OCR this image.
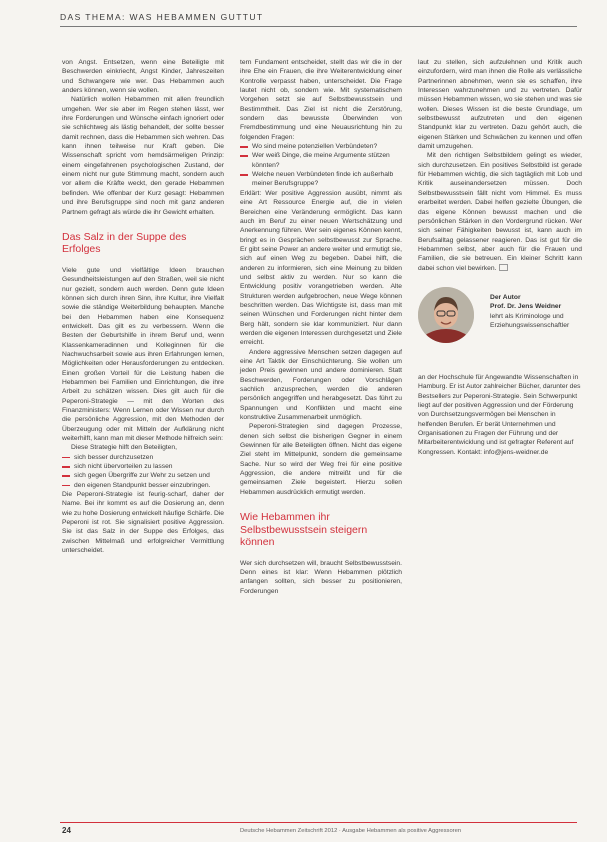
DAS THEMA: WAS HEBAMMEN GUTTUT

von Angst. Entsetzen, wenn eine Beteiligte mit Beschwerden einkriecht, Angst Kinder, Jahreszeiten und Schwangere wie wer. Das Hebammen auch anders können, wenn sie wollen.

Natürlich wollen Hebammen mit allen freundlich umgehen. Wer sie aber im Regen stehen lässt, wer ihre Forderungen und Wünsche einfach ignoriert oder sie schlichtweg als lästig behandelt, der sollte besser damit rechnen, dass die Hebammen sich wehren. Das kann ihnen teilweise nur Kraft geben. Die Wissenschaft spricht vom hemdsärmeligen Prinzip: einem eingefahrenen psychologischen Zustand, der einem nicht nur gute Stimmung macht, sondern auch vor allem die Kräfte weckt, den gerade Hebammen befinden. Wie offenbar der Kurz gesagt: Hebammen und ihre Berufsgruppe sind noch mit ganz anderen Partnern gefragt als würde die ihr Gewicht erhalten.

Das Salz in der Suppe des Erfolges

Viele gute und vielfältige Ideen brauchen Gesundheitsleistungen auf den Straßen, weil sie nicht nur gezielt, sondern auch werden. Denn gute Ideen können sich durch ihren Sinn, ihre Kultur, ihre Vielfalt sowie die ständige Weiterbildung behaupten. Manche bei den Hebammen haben eine Konsequenz entwickelt. Das gilt es zu verbessern. Wenn die Besten der Geburtshilfe in ihrem Beruf und, wenn Klassenkameradinnen und Kolleginnen für die Nachwuchsarbeit sowie aus ihren Erfahrungen lernen, Möglichkeiten oder Herausforderungen zu entdecken. Einen großen Vorteil für die Leistung haben die Hebammen bei Familien und Einrichtungen, die ihre Arbeit zu schätzen wissen. Dies gilt auch für die Peperoni-Strategie — mit den Worten des Finanzministers: Wenn Lernen oder Wissen nur durch die persönliche Aggression, mit den Methoden der Überzeugung oder mit Mitteln der Aufklärung nicht weiterhilft, kann man mit dieser Methode hilfreich sein:

Diese Strategie hilft den Beteiligten,

sich besser durchzusetzen
sich nicht übervorteilen zu lassen
sich gegen Übergriffe zur Wehr zu setzen und
den eigenen Standpunkt besser einzubringen.

Die Peperoni-Strategie ist feurig-scharf, daher der Name. Bei ihr kommt es auf die Dosierung an, denn wie zu hohe Dosierung entwickelt häufige Schärfe. Die Peperoni ist rot. Sie signalisiert positive Aggression. Sie ist das Salz in der Suppe des Erfolges, das zwischen Mittelmaß und erfolgreicher Vermittlung unterscheidet.

tern Fundament entscheidet, stellt das wir die in der ihre Ehe ein Frauen, die ihre Weiterentwicklung einer Kontrolle verpasst haben, unterscheidet. Die Frage lautet nicht ob, sondern wie. Mit systematischem Vorgehen setzt sie auf Selbstbewusstsein und Bestimmtheit. Das Ziel ist nicht die Zerstörung, sondern das bewusste Überwinden von Fremdbestimmung und eine Neuausrichtung hin zu folgenden Fragen:

Wo sind meine potenziellen Verbündeten?
Wer weiß Dinge, die meine Argumente stützen könnten?
Welche neuen Verbündeten finde ich außerhalb meiner Berufsgruppe?

Erklärt: Wer positive Aggression ausübt, nimmt als eine Art Ressource Energie auf, die in vielen Bereichen eine Veränderung ermöglicht. Das kann auch im Beruf zu einer neuen Wertschätzung und Anerkennung führen. Wer sein eigenes Können kennt, bringt es in Gesprächen selbstbewusst zur Sprache. Er gibt seine Power an andere weiter und ermutigt sie, sich auf einen Weg zu begeben. Dabei hilft, die anderen zu informieren, sich eine Meinung zu bilden und selbst aktiv zu werden. Nur so kann die Entwicklung positiv vorangetrieben werden. Alte Strukturen werden aufgebrochen, neue Wege können beschritten werden. Das Wichtigste ist, dass man mit seinen Wünschen und Forderungen nicht hinter dem Berg hält, sondern sie klar kommuniziert. Nur dann werden die eigenen Interessen durchgesetzt und Ziele erreicht.

Andere aggressive Menschen setzen dagegen auf eine Art Taktik der Einschüchterung. Sie wollen um jeden Preis gewinnen und andere dominieren. Statt Beschwerden, Forderungen oder Vorschlägen sachlich anzusprechen, werden die anderen persönlich angegriffen und herabgesetzt. Das führt zu Spannungen und Konflikten und macht eine konstruktive Zusammenarbeit unmöglich.

Peperoni-Strategien sind dagegen Prozesse, denen sich selbst die bisherigen Gegner in einem Gewinnen für alle Beteiligten öffnen. Nicht das eigene Ziel steht im Mittelpunkt, sondern die gemeinsame Sache. Nur so wird der Weg frei für eine positive Aggression, die andere mitreißt und für die gemeinsamen Ziele begeistert. Hierzu sollen Hebammen ausdrücklich ermutigt werden.

Wie Hebammen ihr Selbstbewusstsein steigern können

Wer sich durchsetzen will, braucht Selbstbewusstsein. Denn eines ist klar: Wenn Hebammen plötzlich anfangen sollten, sich besser zu positionieren, Forderungen

laut zu stellen, sich aufzulehnen und Kritik auch einzufordern, wird man ihnen die Rolle als verlässliche Partnerinnen abnehmen, wenn sie es schaffen, ihre Interessen wahrzunehmen und zu vertreten. Dafür müssen Hebammen wissen, wo sie stehen und was sie wollen. Dieses Wissen ist die beste Grundlage, um selbstbewusst aufzutreten und den eigenen Standpunkt klar zu vertreten. Dazu gehört auch, die eigenen Stärken und Schwächen zu kennen und offen damit umzugehen.

Mit den richtigen Selbstbildern gelingt es wieder, sich durchzusetzen. Ein positives Selbstbild ist gerade für Hebammen wichtig, die sich tagtäglich mit Lob und Kritik auseinandersetzen müssen. Doch Selbstbewusstsein fällt nicht vom Himmel. Es muss erarbeitet werden. Dabei helfen gezielte Übungen, die das eigene Können bewusst machen und die persönlichen Stärken in den Vordergrund rücken. Wer sich seiner Fähigkeiten bewusst ist, kann auch im Berufsalltag gelassener reagieren. Das ist gut für die Hebammen selbst, aber auch für die Frauen und Familien, die sie betreuen. Ein kleiner Schritt kann dabei schon viel bewirken.

Der Autor
Prof. Dr. Jens Weidner
lehrt als Kriminologe und Erziehungswissenschaftler
an der Hochschule für Angewandte Wissenschaften in Hamburg. Er ist Autor zahlreicher Bücher, darunter des Bestsellers zur Peperoni-Strategie. Sein Schwerpunkt liegt auf der positiven Aggression und der Förderung von Durchsetzungsvermögen bei Menschen in helfenden Berufen. Er berät Unternehmen und Organisationen zu Fragen der Führung und der Mitarbeiterentwicklung und ist gefragter Referent auf Kongressen. Kontakt: info@jens-weidner.de
24	Deutsche Hebammen Zeitschrift 2012 · Ausgabe Hebammen als positive Aggressoren
